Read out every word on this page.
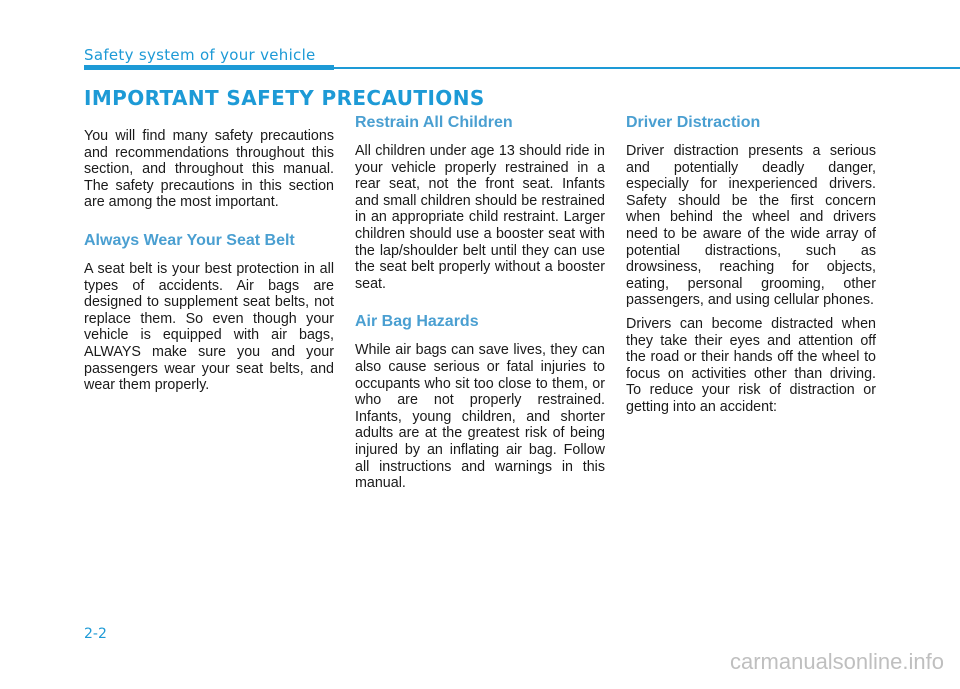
Safety system of your vehicle
IMPORTANT SAFETY PRECAUTIONS

You will find many safety precautions and recommendations throughout this section, and throughout this manual. The safety precautions in this section are among the most important.

Always Wear Your Seat Belt

A seat belt is your best protection in all types of accidents. Air bags are designed to supplement seat belts, not replace them. So even though your vehicle is equipped with air bags, ALWAYS make sure you and your passengers wear your seat belts, and wear them properly.

Restrain All Children

All children under age 13 should ride in your vehicle properly restrained in a rear seat, not the front seat. Infants and small children should be restrained in an appropriate child restraint. Larger children should use a booster seat with the lap/shoulder belt until they can use the seat belt properly without a booster seat.

Air Bag Hazards

While air bags can save lives, they can also cause serious or fatal injuries to occupants who sit too close to them, or who are not properly restrained. Infants, young children, and shorter adults are at the greatest risk of being injured by an inflating air bag. Follow all instructions and warnings in this manual.

Driver Distraction

Driver distraction presents a serious and potentially deadly danger, especially for inexperienced drivers. Safety should be the first concern when behind the wheel and drivers need to be aware of the wide array of potential distractions, such as drowsiness, reaching for objects, eating, personal grooming, other passengers, and using cellular phones.

Drivers can become distracted when they take their eyes and attention off the road or their hands off the wheel to focus on activities other than driving. To reduce your risk of distraction or getting into an accident:

2-2
carmanualsonline.info
